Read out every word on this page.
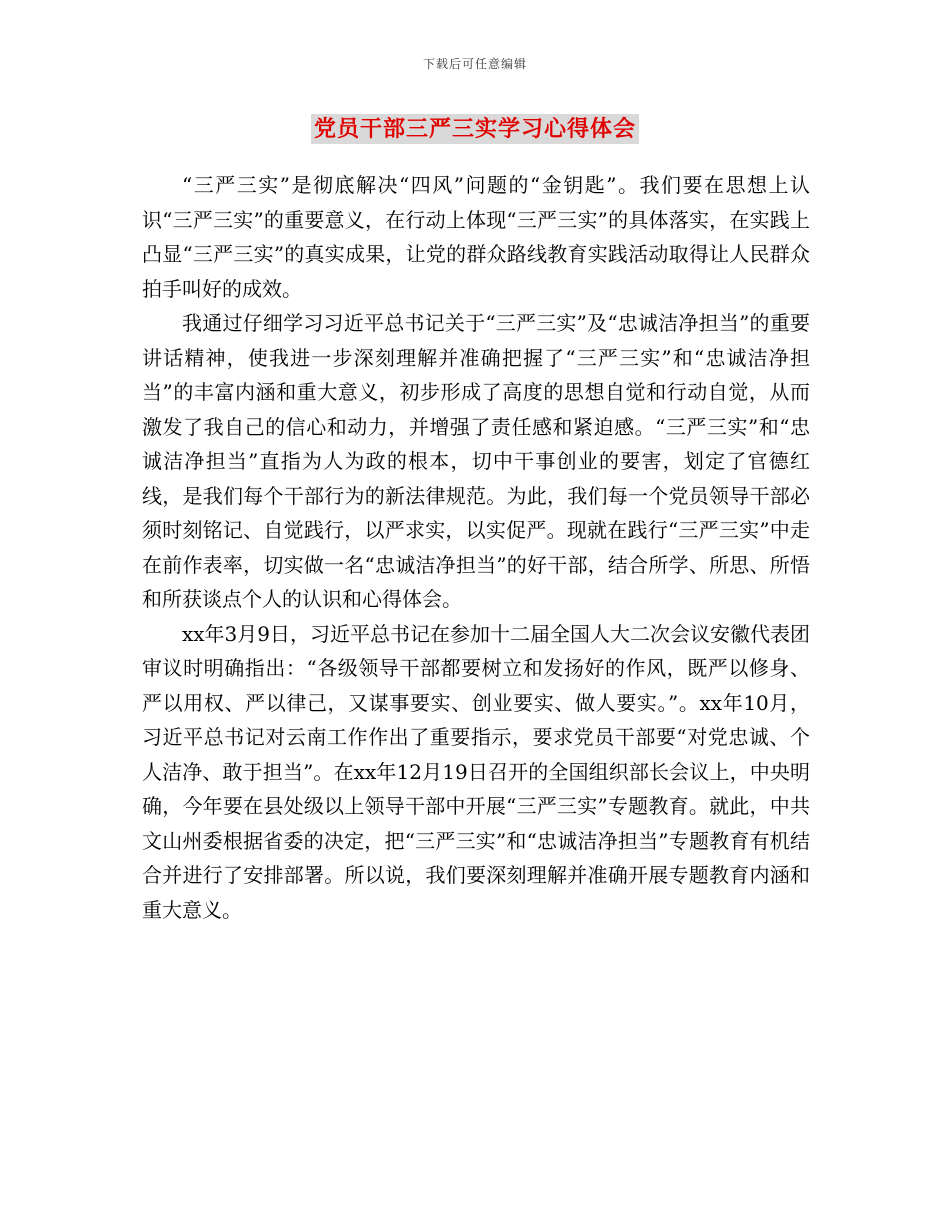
下载后可任意编辑
党员干部三严三实学习心得体会

“三严三实”是彻底解决“四风”问题的“金钥匙”。我们要在思想上认识“三严三实”的重要意义，在行动上体现“三严三实”的具体落实，在实践上凸显“三严三实”的真实成果，让党的群众路线教育实践活动取得让人民群众拍手叫好的成效。

我通过仔细学习习近平总书记关于“三严三实”及“忠诚洁净担当”的重要讲话精神，使我进一步深刻理解并准确把握了“三严三实”和“忠诚洁净担当”的丰富内涵和重大意义，初步形成了高度的思想自觉和行动自觉，从而激发了我自己的信心和动力，并增强了责任感和紧迫感。“三严三实”和“忠诚洁净担当”直指为人为政的根本，切中干事创业的要害，划定了官德红线，是我们每个干部行为的新法律规范。为此，我们每一个党员领导干部必须时刻铭记、自觉践行，以严求实，以实促严。现就在践行“三严三实”中走在前作表率，切实做一名“忠诚洁净担当”的好干部，结合所学、所思、所悟和所获谈点个人的认识和心得体会。

xx年3月9日，习近平总书记在参加十二届全国人大二次会议安徽代表团审议时明确指出：“各级领导干部都要树立和发扬好的作风，既严以修身、严以用权、严以律己，又谋事要实、创业要实、做人要实。”。xx年10月，习近平总书记对云南工作作出了重要指示，要求党员干部要“对党忠诚、个人洁净、敢于担当”。在xx年12月19日召开的全国组织部长会议上，中央明确，今年要在县处级以上领导干部中开展“三严三实”专题教育。就此，中共文山州委根据省委的决定，把“三严三实”和“忠诚洁净担当”专题教育有机结合并进行了安排部署。所以说，我们要深刻理解并准确开展专题教育内涵和重大意义。
